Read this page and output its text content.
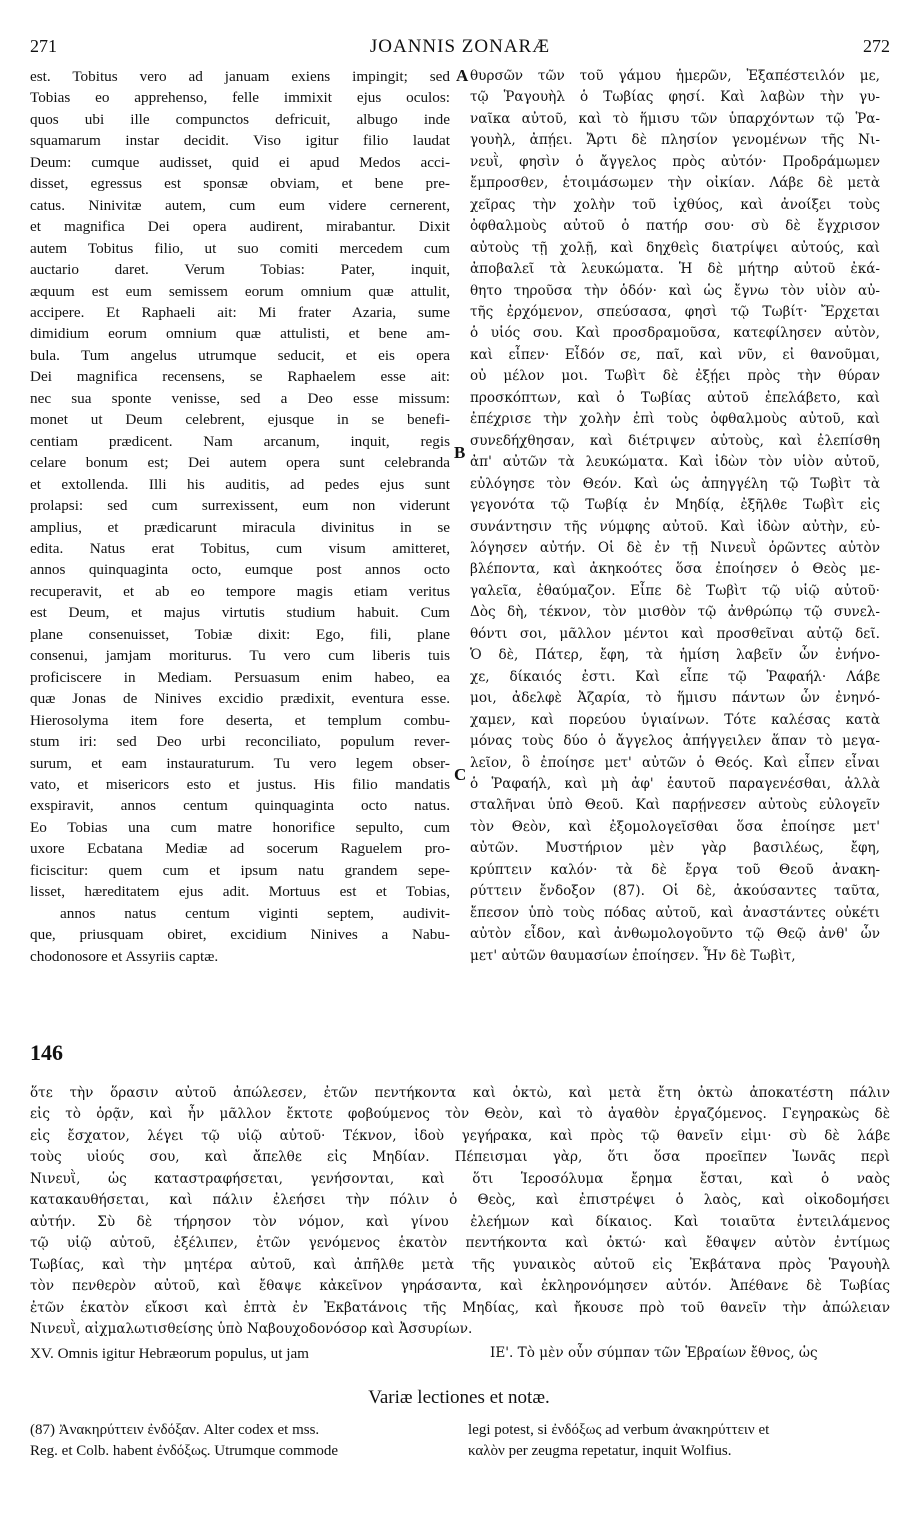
271	JOANNIS ZONARÆ	272
A
B
C
est. Tobitus vero ad januam exiens impingit; sed
Tobias eo apprehenso, felle immixit ejus oculos:
quos ubi ille compunctos defricuit, albugo inde
squamarum instar decidit. Viso igitur filio laudat
Deum: cumque audisset, quid ei apud Medos acci-
disset, egressus est sponsæ obviam, et bene pre-
catus. Ninivitæ autem, cum eum videre cernerent,
et magnifica Dei opera audirent, mirabantur. Dixit
autem Tobitus filio, ut suo comiti mercedem cum
auctario daret. Verum Tobias: Pater, inquit,
æquum est eum semissem eorum omnium quæ attulit,
accipere. Et Raphaeli ait: Mi frater Azaria, sume
dimidium eorum omnium quæ attulisti, et bene am-
bula. Tum angelus utrumque seducit, et eis opera
Dei magnifica recensens, se Raphaelem esse ait:
nec sua sponte venisse, sed a Deo esse missum:
monet ut Deum celebrent, ejusque in se benefi-
centiam prædicent. Nam arcanum, inquit, regis
celare bonum est; Dei autem opera sunt celebranda
et extollenda. Illi his auditis, ad pedes ejus sunt
prolapsi: sed cum surrexissent, eum non viderunt
amplius, et prædicarunt miracula divinitus in se
edita. Natus erat Tobitus, cum visum amitteret,
annos quinquaginta octo, eumque post annos octo
recuperavit, et ab eo tempore magis etiam veritus
est Deum, et majus virtutis studium habuit. Cum
plane consenuisset, Tobiæ dixit: Ego, fili, plane
consenui, jamjam moriturus. Tu vero cum liberis tuis
proficiscere in Mediam. Persuasum enim habeo, ea
quæ Jonas de Ninives excidio prædixit, eventura esse.
Hierosolyma item fore deserta, et templum combu-
stum iri: sed Deo urbi reconciliato, populum rever-
surum, et eam instauraturum. Tu vero legem obser-
vato, et misericors esto et justus. His filio mandatis
exspiravit, annos centum quinquaginta octo natus.
Eo Tobias una cum matre honorifice sepulto, cum
uxore Ecbatana Mediæ ad socerum Raguelem pro-
ficiscitur: quem cum et ipsum natu grandem sepe-
lisset, hæreditatem ejus adit. Mortuus est et Tobias,
annos natus centum viginti septem, audivit-
que, priusquam obiret, excidium Ninives a Nabu-
chodonosore et Assyriis captæ.
θυρσῶν τῶν τοῦ γάμου ἡμερῶν, Ἐξαπέστειλόν με,
τῷ Ῥαγουὴλ ὁ Τωβίας φησί. Καὶ λαβὼν τὴν γυ-
ναῖκα αὐτοῦ, καὶ τὸ ἥμισυ τῶν ὑπαρχόντων τῷ Ῥα-
γουὴλ, ἀπῄει. Ἄρτι δὲ πλησίον γενομένων τῆς Νι-
νευῒ, φησὶν ὁ ἄγγελος πρὸς αὐτόν· Προδράμωμεν
ἔμπροσθεν, ἑτοιμάσωμεν τὴν οἰκίαν. Λάβε δὲ μετὰ
χεῖρας τὴν χολὴν τοῦ ἰχθύος, καὶ ἀνοίξει τοὺς
ὀφθαλμοὺς αὐτοῦ ὁ πατήρ σου· σὺ δὲ ἔγχρισον
αὐτοὺς τῇ χολῇ, καὶ δηχθεὶς διατρίψει αὐτούς, καὶ
ἀποβαλεῖ τὰ λευκώματα. Ἡ δὲ μήτηρ αὐτοῦ ἐκά-
θητο τηροῦσα τὴν ὁδόν· καὶ ὡς ἔγνω τὸν υἱὸν αὐ-
τῆς ἐρχόμενον, σπεύσασα, φησὶ τῷ Τωβίτ· Ἔρχεται
ὁ υἱός σου. Καὶ προσδραμοῦσα, κατεφίλησεν αὐτὸν,
καὶ εἶπεν· Εἶδόν σε, παῖ, καὶ νῦν, εἰ θανοῦμαι,
οὐ μέλον μοι. Τωβὶτ δὲ ἐξῄει πρὸς τὴν θύραν
προσκόπτων, καὶ ὁ Τωβίας αὐτοῦ ἐπελάβετο, καὶ
ἐπέχρισε τὴν χολὴν ἐπὶ τοὺς ὀφθαλμοὺς αὐτοῦ, καὶ
συνεδήχθησαν, καὶ διέτριψεν αὐτοὺς, καὶ ἐλεπίσθη
ἀπ' αὐτῶν τὰ λευκώματα. Καὶ ἰδὼν τὸν υἱὸν αὐτοῦ,
εὐλόγησε τὸν Θεόν. Καὶ ὡς ἀπηγγέλη τῷ Τωβὶτ τὰ
γεγονότα τῷ Τωβίᾳ ἐν Μηδίᾳ, ἐξῆλθε Τωβὶτ εἰς
συνάντησιν τῆς νύμφης αὐτοῦ. Καὶ ἰδὼν αὐτὴν, εὐ-
λόγησεν αὐτήν. Οἱ δὲ ἐν τῇ Νινευῒ ὁρῶντες αὐτὸν
βλέποντα, καὶ ἀκηκοότες ὅσα ἐποίησεν ὁ Θεὸς με-
γαλεῖα, ἐθαύμαζον. Εἶπε δὲ Τωβὶτ τῷ υἱῷ αὐτοῦ·
Δὸς δὴ, τέκνον, τὸν μισθὸν τῷ ἀνθρώπῳ τῷ συνελ-
θόντι σοι, μᾶλλον μέντοι καὶ προσθεῖναι αὐτῷ δεῖ.
Ὁ δὲ, Πάτερ, ἔφη, τὰ ἡμίση λαβεῖν ὧν ἐνήνο-
χε, δίκαιός ἐστι. Καὶ εἶπε τῷ Ῥαφαήλ· Λάβε
μοι, ἀδελφὲ Ἀζαρία, τὸ ἥμισυ πάντων ὧν ἐνηνό-
χαμεν, καὶ πορεύου ὑγιαίνων. Τότε καλέσας κατὰ
μόνας τοὺς δύο ὁ ἄγγελος ἀπήγγειλεν ἅπαν τὸ μεγα-
λεῖον, ὃ ἐποίησε μετ' αὐτῶν ὁ Θεός. Καὶ εἶπεν εἶναι
ὁ Ῥαφαήλ, καὶ μὴ ἀφ' ἑαυτοῦ παραγενέσθαι, ἀλλὰ
σταλῆναι ὑπὸ Θεοῦ. Καὶ παρῄνεσεν αὐτοὺς εὐλογεῖν
τὸν Θεὸν, καὶ ἐξομολογεῖσθαι ὅσα ἐποίησε μετ'
αὐτῶν. Μυστήριον μὲν γὰρ βασιλέως, ἔφη,
κρύπτειν καλόν· τὰ δὲ ἔργα τοῦ Θεοῦ ἀνακη-
ρύττειν ἔνδοξον (87). Οἱ δὲ, ἀκούσαντες ταῦτα,
ἔπεσον ὑπὸ τοὺς πόδας αὐτοῦ, καὶ ἀναστάντες οὐκέτι
αὐτὸν εἶδον, καὶ ἀνθωμολογοῦντο τῷ Θεῷ ἀνθ' ὧν
μετ' αὐτῶν θαυμασίων ἐποίησεν. Ἦν δὲ Τωβὶτ,
146
ὅτε τὴν ὅρασιν αὐτοῦ ἀπώλεσεν, ἐτῶν πεντήκοντα καὶ ὀκτὼ, καὶ μετὰ ἔτη ὀκτὼ ἀποκατέστη πάλιν
εἰς τὸ ὁρᾷν, καὶ ἦν μᾶλλον ἔκτοτε φοβούμενος τὸν Θεὸν, καὶ τὸ ἀγαθὸν ἐργαζόμενος. Γεγηρακὼς δὲ
εἰς ἔσχατον, λέγει τῷ υἱῷ αὐτοῦ· Τέκνον, ἰδοὺ γεγήρακα, καὶ πρὸς τῷ θανεῖν εἰμι· σὺ δὲ λάβε
τοὺς υἱούς σου, καὶ ἄπελθε εἰς Μηδίαν. Πέπεισμαι γὰρ, ὅτι ὅσα προεῖπεν Ἰωνᾶς περὶ
Νινευῒ, ὡς καταστραφήσεται, γενήσονται, καὶ ὅτι Ἱεροσόλυμα ἔρημα ἔσται, καὶ ὁ ναὸς
κατακαυθήσεται, καὶ πάλιν ἐλεήσει τὴν πόλιν ὁ Θεὸς, καὶ ἐπιστρέψει ὁ λαὸς, καὶ οἰκοδομήσει
αὐτήν. Σὺ δὲ τήρησον τὸν νόμον, καὶ γίνου ἐλεήμων καὶ δίκαιος. Καὶ τοιαῦτα ἐντειλάμενος
τῷ υἱῷ αὐτοῦ, ἐξέλιπεν, ἐτῶν γενόμενος ἑκατὸν πεντήκοντα καὶ ὀκτώ· καὶ ἔθαψεν αὐτὸν ἐντίμως
Τωβίας, καὶ τὴν μητέρα αὐτοῦ, καὶ ἀπῆλθε μετὰ τῆς γυναικὸς αὐτοῦ εἰς Ἐκβάτανα πρὸς Ῥαγουὴλ
τὸν πενθερὸν αὐτοῦ, καὶ ἔθαψε κἀκεῖνον γηράσαντα, καὶ ἐκληρονόμησεν αὐτόν. Ἀπέθανε δὲ Τωβίας
ἐτῶν ἑκατὸν εἴκοσι καὶ ἑπτὰ ἐν Ἐκβατάνοις τῆς Μηδίας, καὶ ἤκουσε πρὸ τοῦ θανεῖν τὴν ἀπώλειαν
Νινευῒ, αἰχμαλωτισθείσης ὑπὸ Ναβουχοδονόσορ καὶ Ἀσσυρίων.
XV. Omnis igitur Hebræorum populus, ut jam	ΙΕ'. Τὸ μὲν οὖν σύμπαν τῶν Ἑβραίων ἔθνος, ὡς
Variæ lectiones et notæ.
(87) Ἀνακηρύττειν ἐνδόξαν. Alter codex et mss.
Reg. et Colb. habent ἐνδόξως. Utrumque commode
legi potest, si ἐνδόξως ad verbum ἀνακηρύττειν et
καλὸν per zeugma repetatur, inquit Wolfius.
